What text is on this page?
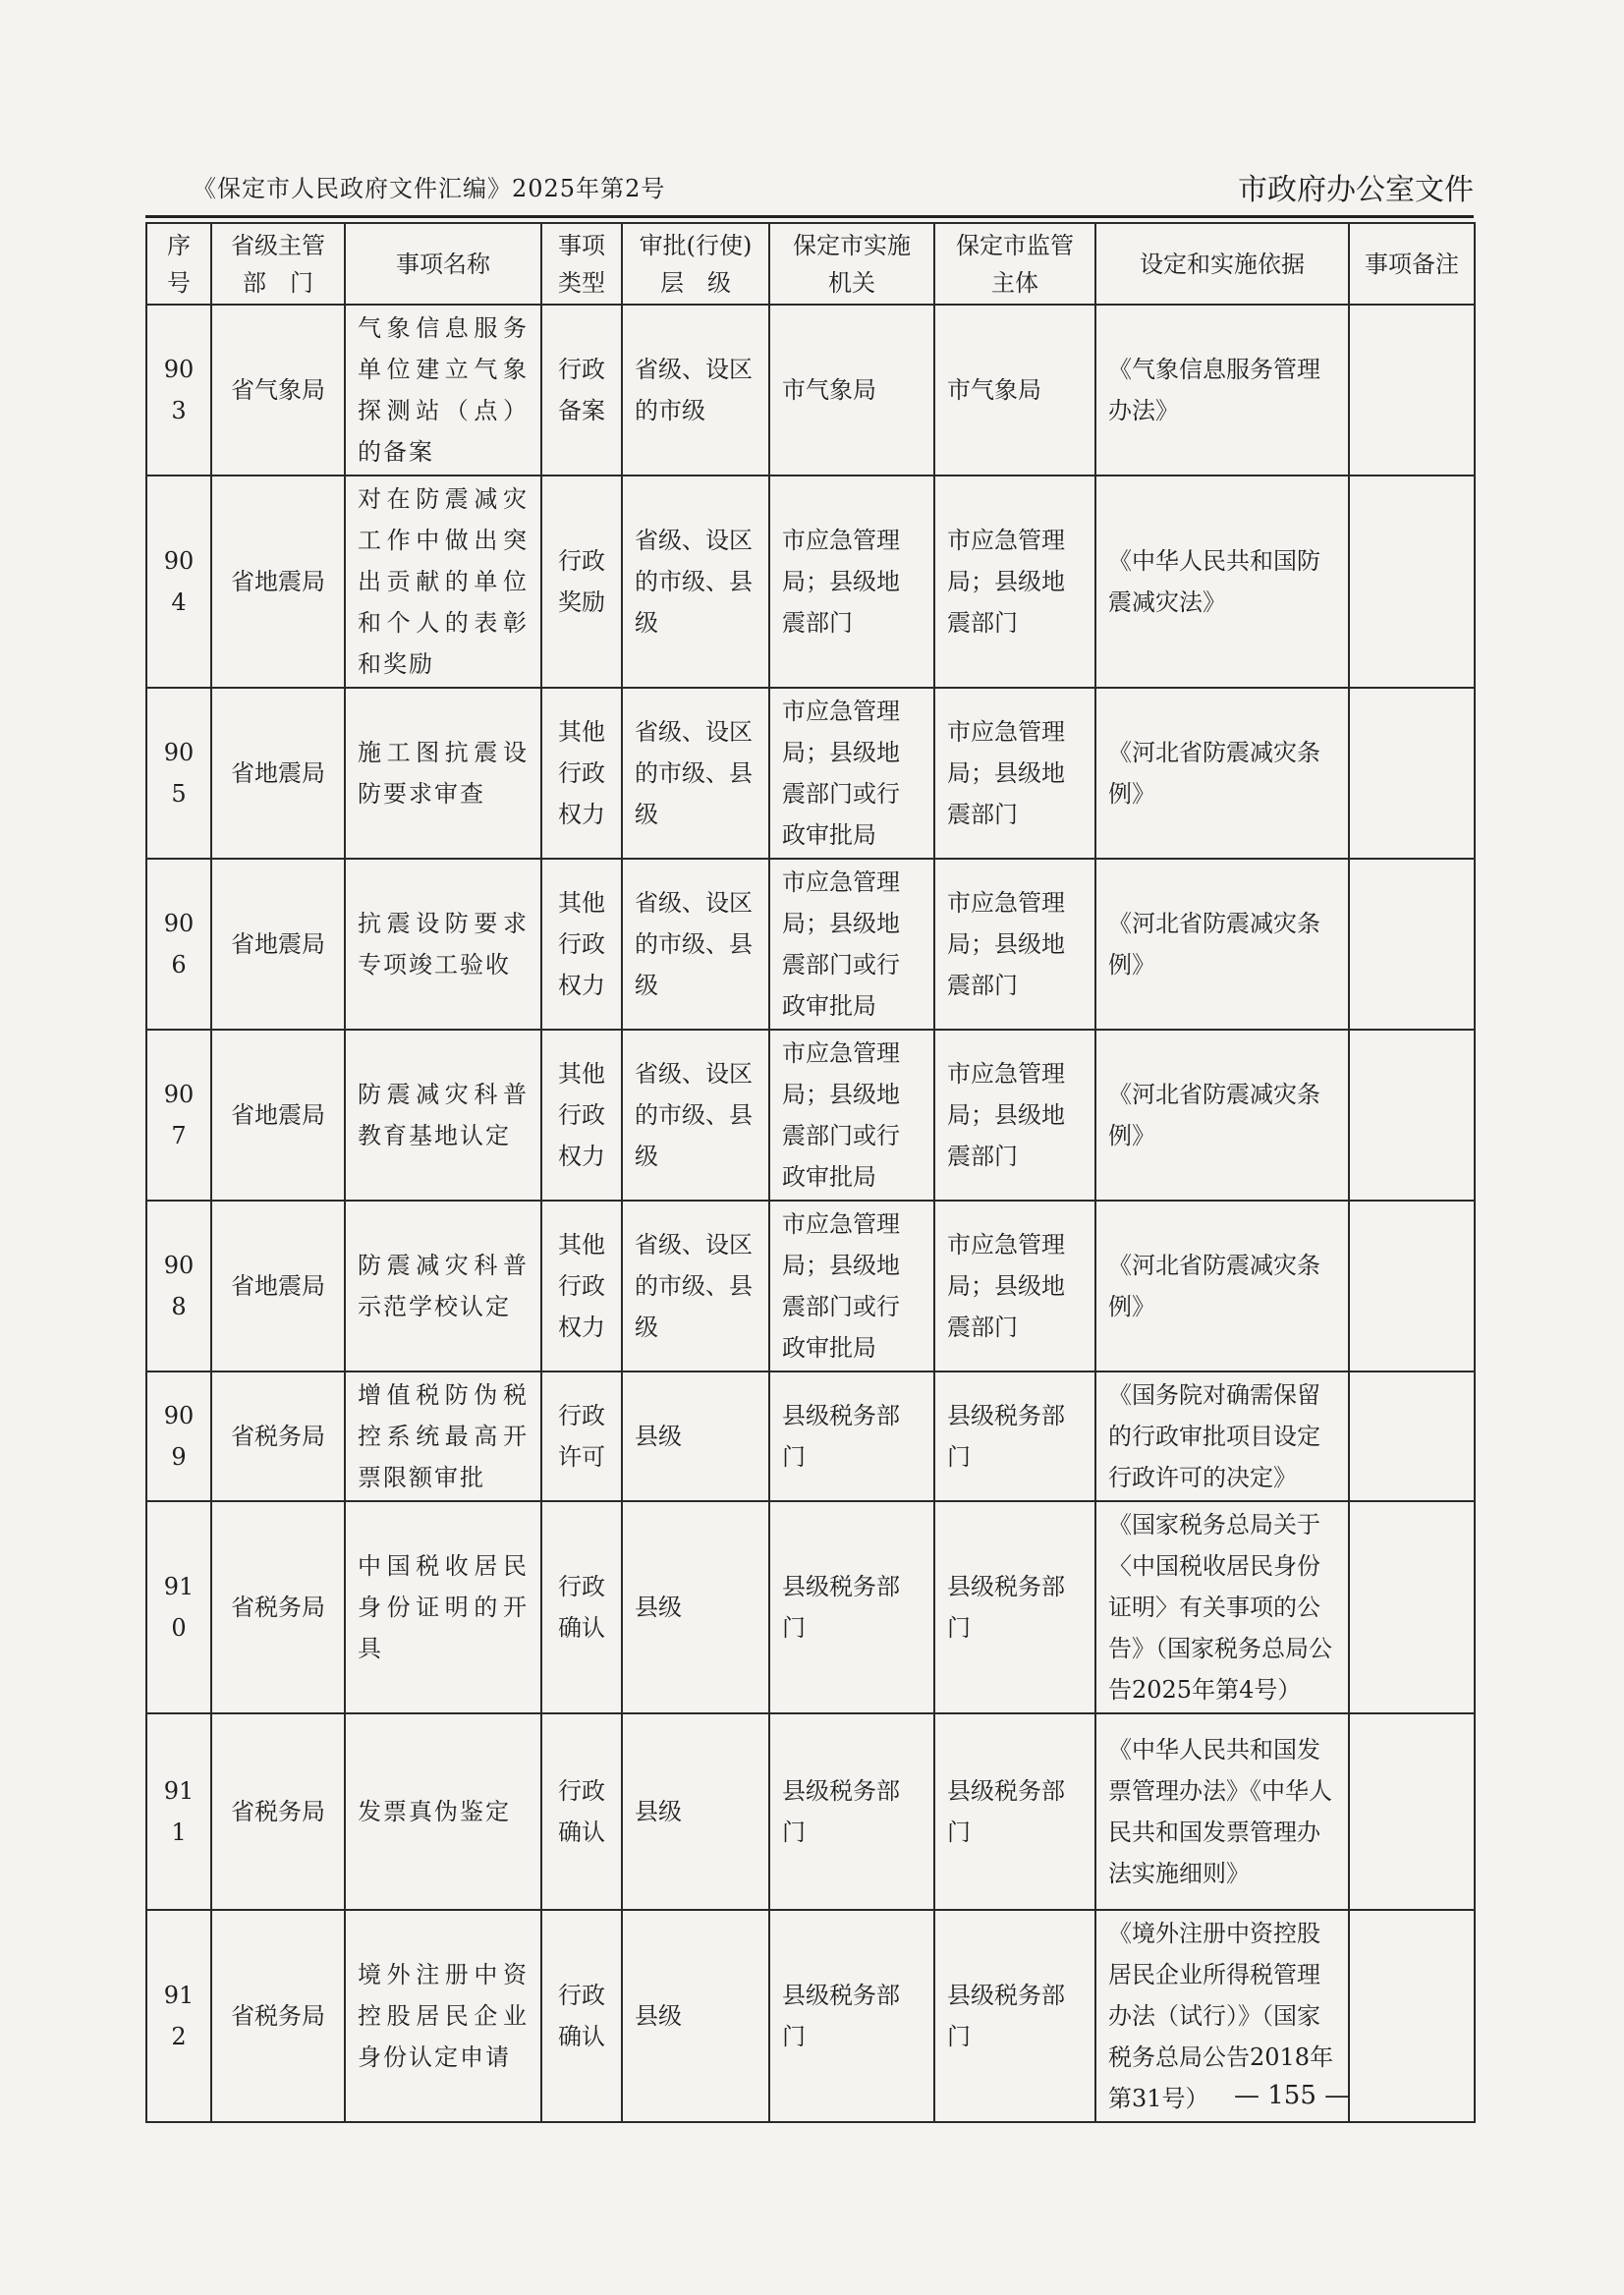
《保定市人民政府文件汇编》2025年第2号	市政府办公室文件
序号	省级主管部　门	事项名称	事项类型	审批(行使)层　级	保定市实施机关	保定市监管主体	设定和实施依据	事项备注
903	省气象局	气象信息服务单位建立气象探测站（点）的备案	行政备案	省级、设区的市级	市气象局	市气象局	《气象信息服务管理办法》	
904	省地震局	对在防震减灾工作中做出突出贡献的单位和个人的表彰和奖励	行政奖励	省级、设区的市级、县级	市应急管理局；县级地震部门	市应急管理局；县级地震部门	《中华人民共和国防震减灾法》	
905	省地震局	施工图抗震设防要求审查	其他行政权力	省级、设区的市级、县级	市应急管理局；县级地震部门或行政审批局	市应急管理局；县级地震部门	《河北省防震减灾条例》	
906	省地震局	抗震设防要求专项竣工验收	其他行政权力	省级、设区的市级、县级	市应急管理局；县级地震部门或行政审批局	市应急管理局；县级地震部门	《河北省防震减灾条例》	
907	省地震局	防震减灾科普教育基地认定	其他行政权力	省级、设区的市级、县级	市应急管理局；县级地震部门或行政审批局	市应急管理局；县级地震部门	《河北省防震减灾条例》	
908	省地震局	防震减灾科普示范学校认定	其他行政权力	省级、设区的市级、县级	市应急管理局；县级地震部门或行政审批局	市应急管理局；县级地震部门	《河北省防震减灾条例》	
909	省税务局	增值税防伪税控系统最高开票限额审批	行政许可	县级	县级税务部门	县级税务部门	《国务院对确需保留的行政审批项目设定行政许可的决定》	
910	省税务局	中国税收居民身份证明的开具	行政确认	县级	县级税务部门	县级税务部门	《国家税务总局关于〈中国税收居民身份证明〉有关事项的公告》（国家税务总局公告2025年第4号）	
911	省税务局	发票真伪鉴定	行政确认	县级	县级税务部门	县级税务部门	《中华人民共和国发票管理办法》《中华人民共和国发票管理办法实施细则》	
912	省税务局	境外注册中资控股居民企业身份认定申请	行政确认	县级	县级税务部门	县级税务部门	《境外注册中资控股居民企业所得税管理办法（试行）》（国家税务总局公告2018年第31号）	— 155 —
